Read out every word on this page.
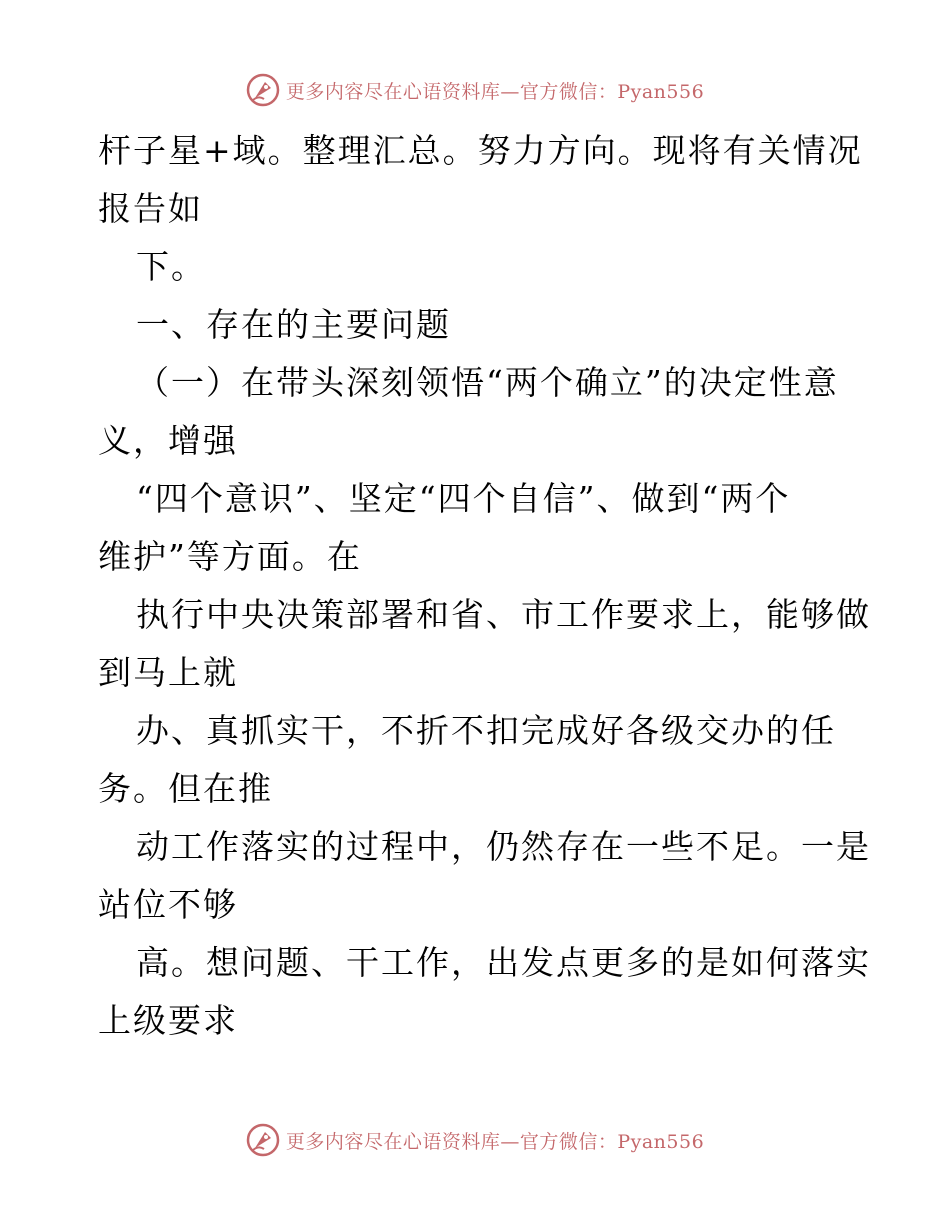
更多内容尽在心语资料库—官方微信：Pyan556
杆子星+域。整理汇总。努力方向。现将有关情况
报告如
下。
一、存在的主要问题
（一）在带头深刻领悟“两个确立”的决定性意
义，增强
“四个意识”、坚定“四个自信”、做到“两个
维护”等方面。在
执行中央决策部署和省、市工作要求上，能够做
到马上就
办、真抓实干，不折不扣完成好各级交办的任
务。但在推
动工作落实的过程中，仍然存在一些不足。一是
站位不够
高。想问题、干工作，出发点更多的是如何落实
上级要求
更多内容尽在心语资料库—官方微信：Pyan556
